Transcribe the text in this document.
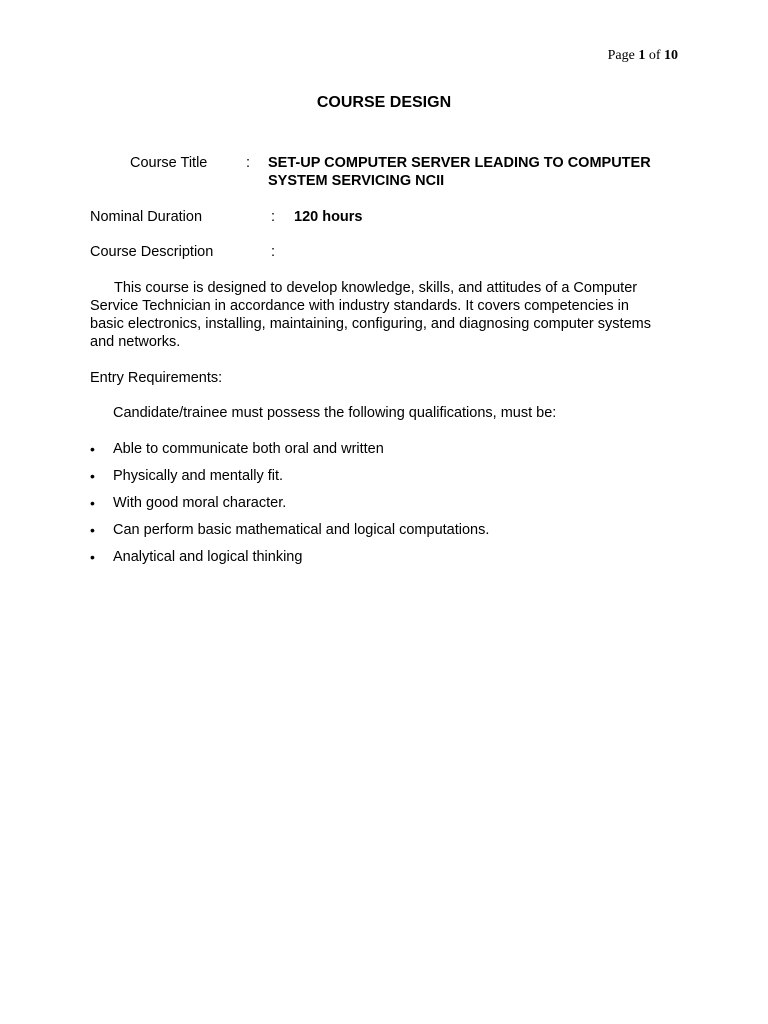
Page 1 of 10
COURSE DESIGN
Course Title	: SET-UP COMPUTER SERVER LEADING TO COMPUTER
SYSTEM SERVICING NCII
Nominal Duration	: 120 hours
Course Description	:
This course is designed to develop knowledge, skills, and attitudes of a Computer
Service Technician in accordance with industry standards. It covers competencies in
basic electronics, installing, maintaining, configuring, and diagnosing computer systems
and networks.
Entry Requirements:
Candidate/trainee must possess the following qualifications, must be:
•	Able to communicate both oral and written
•	Physically and mentally fit.
•	With good moral character.
•	Can perform basic mathematical and logical computations.
•	Analytical and logical thinking
